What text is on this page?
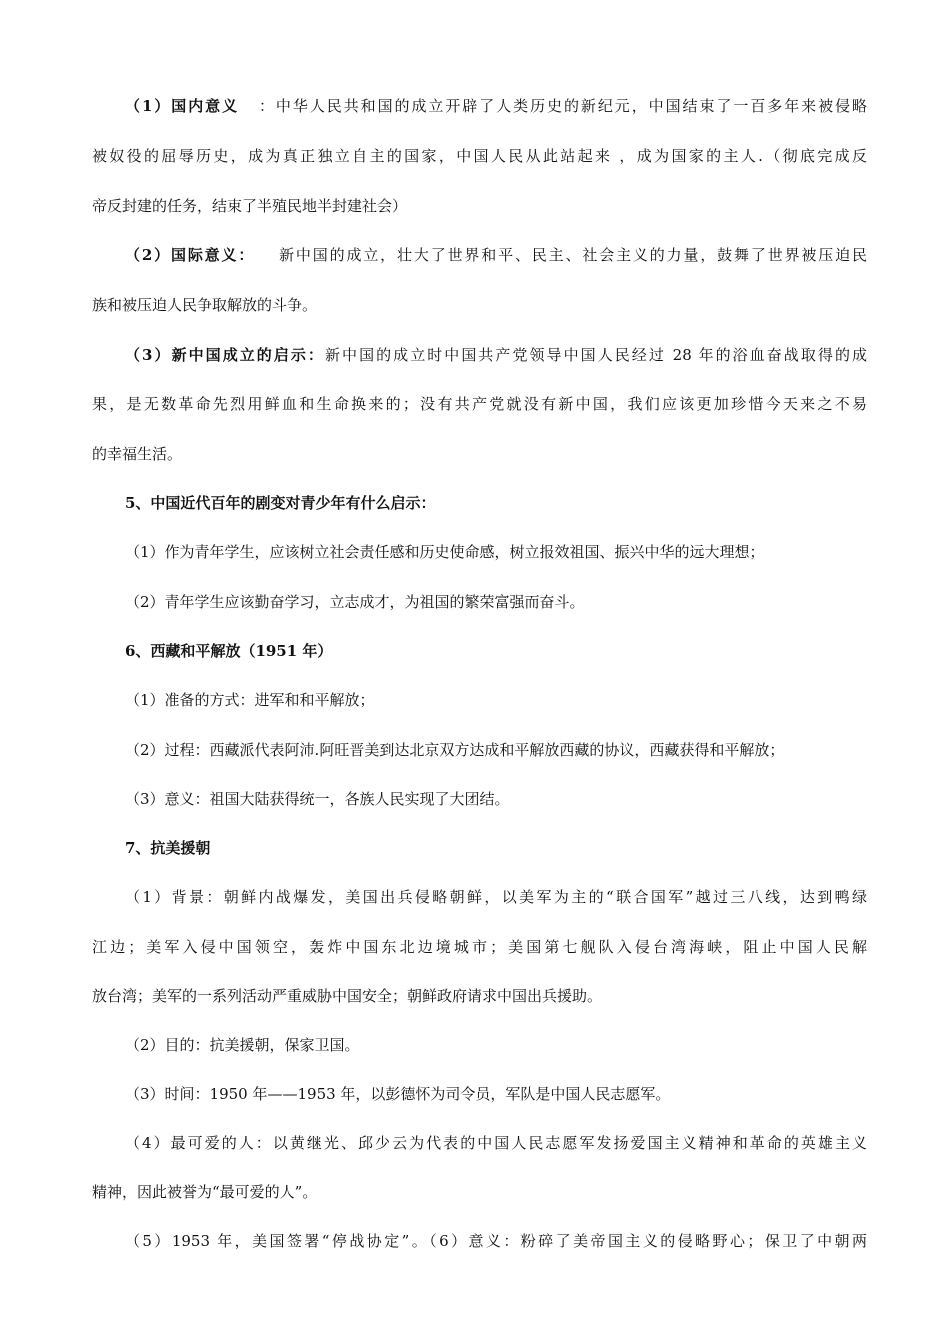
（1）国内意义 ：中华人民共和国的成立开辟了人类历史的新纪元，中国结束了一百多年来被侵略
被奴役的屈辱历史，成为真正独立自主的国家，中国人民从此站起来 ，成为国家的主人.（彻底完成反
帝反封建的任务，结束了半殖民地半封建社会）
（2）国际意义： 新中国的成立，壮大了世界和平、民主、社会主义的力量，鼓舞了世界被压迫民
族和被压迫人民争取解放的斗争。
（3）新中国成立的启示：新中国的成立时中国共产党领导中国人民经过 28 年的浴血奋战取得的成
果，是无数革命先烈用鲜血和生命换来的；没有共产党就没有新中国，我们应该更加珍惜今天来之不易
的幸福生活。
5、中国近代百年的剧变对青少年有什么启示：
（1）作为青年学生，应该树立社会责任感和历史使命感，树立报效祖国、振兴中华的远大理想；
（2）青年学生应该勤奋学习，立志成才，为祖国的繁荣富强而奋斗。
6、西藏和平解放（1951 年）
（1）准备的方式：进军和和平解放；
（2）过程：西藏派代表阿沛.阿旺晋美到达北京双方达成和平解放西藏的协议，西藏获得和平解放；
（3）意义：祖国大陆获得统一，各族人民实现了大团结。
7、抗美援朝
（1）背景：朝鲜内战爆发，美国出兵侵略朝鲜，以美军为主的“联合国军”越过三八线，达到鸭绿
江边；美军入侵中国领空，轰炸中国东北边境城市；美国第七舰队入侵台湾海峡，阻止中国人民解
放台湾；美军的一系列活动严重威胁中国安全；朝鲜政府请求中国出兵援助。
（2）目的：抗美援朝，保家卫国。
（3）时间：1950 年——1953 年，以彭德怀为司令员，军队是中国人民志愿军。
（4）最可爱的人：以黄继光、邱少云为代表的中国人民志愿军发扬爱国主义精神和革命的英雄主义
精神，因此被誉为“最可爱的人”。
（5）1953 年，美国签署“停战协定”。（6）意义：粉碎了美帝国主义的侵略野心；保卫了中朝两
